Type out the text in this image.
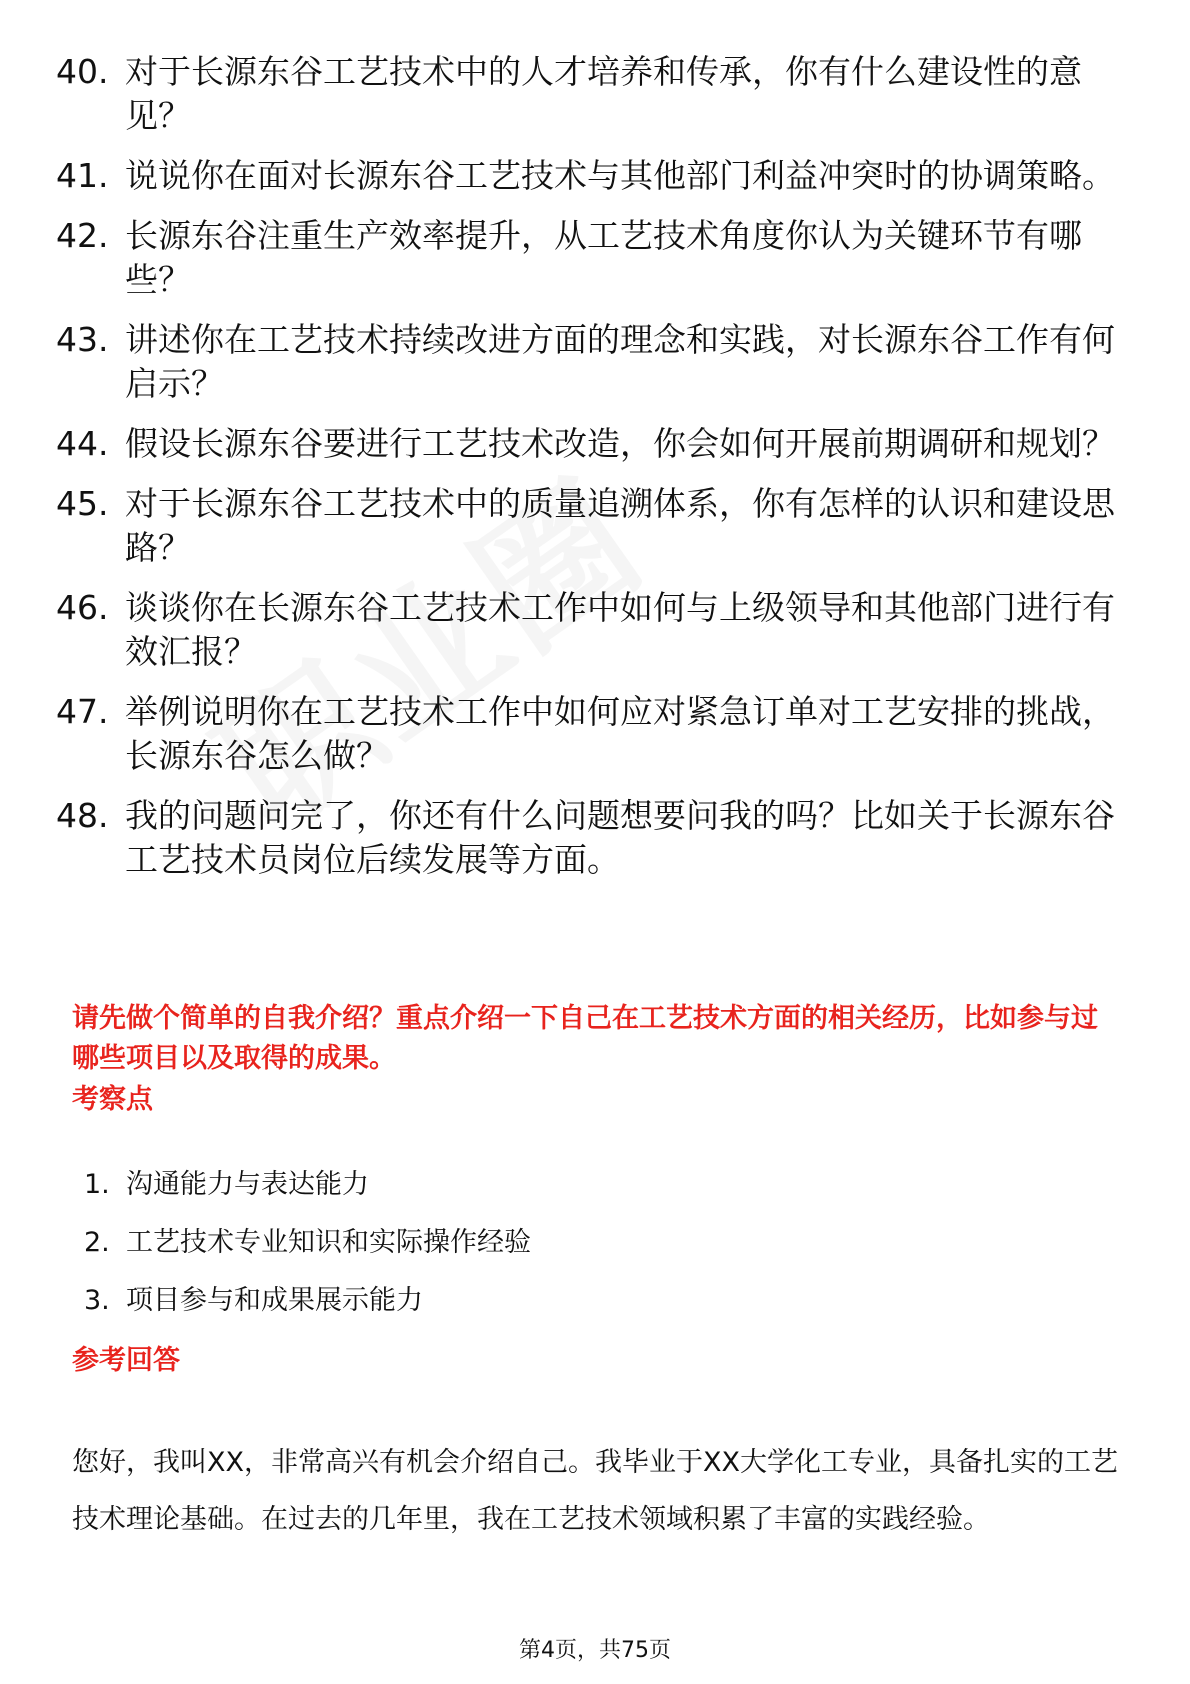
40. 对于长源东谷工艺技术中的人才培养和传承，你有什么建设性的意见？
41. 说说你在面对长源东谷工艺技术与其他部门利益冲突时的协调策略。
42. 长源东谷注重生产效率提升，从工艺技术角度你认为关键环节有哪些？
43. 讲述你在工艺技术持续改进方面的理念和实践，对长源东谷工作有何启示？
44. 假设长源东谷要进行工艺技术改造，你会如何开展前期调研和规划？
45. 对于长源东谷工艺技术中的质量追溯体系，你有怎样的认识和建设思路？
46. 谈谈你在长源东谷工艺技术工作中如何与上级领导和其他部门进行有效汇报？
47. 举例说明你在工艺技术工作中如何应对紧急订单对工艺安排的挑战，长源东谷怎么做？
48. 我的问题问完了，你还有什么问题想要问我的吗？比如关于长源东谷工艺技术员岗位后续发展等方面。
请先做个简单的自我介绍？重点介绍一下自己在工艺技术方面的相关经历，比如参与过哪些项目以及取得的成果。
考察点
1. 沟通能力与表达能力
2. 工艺技术专业知识和实际操作经验
3. 项目参与和成果展示能力
参考回答

您好，我叫XX，非常高兴有机会介绍自己。我毕业于XX大学化工专业，具备扎实的工艺技术理论基础。在过去的几年里，我在工艺技术领域积累了丰富的实践经验。

第4页，共75页
